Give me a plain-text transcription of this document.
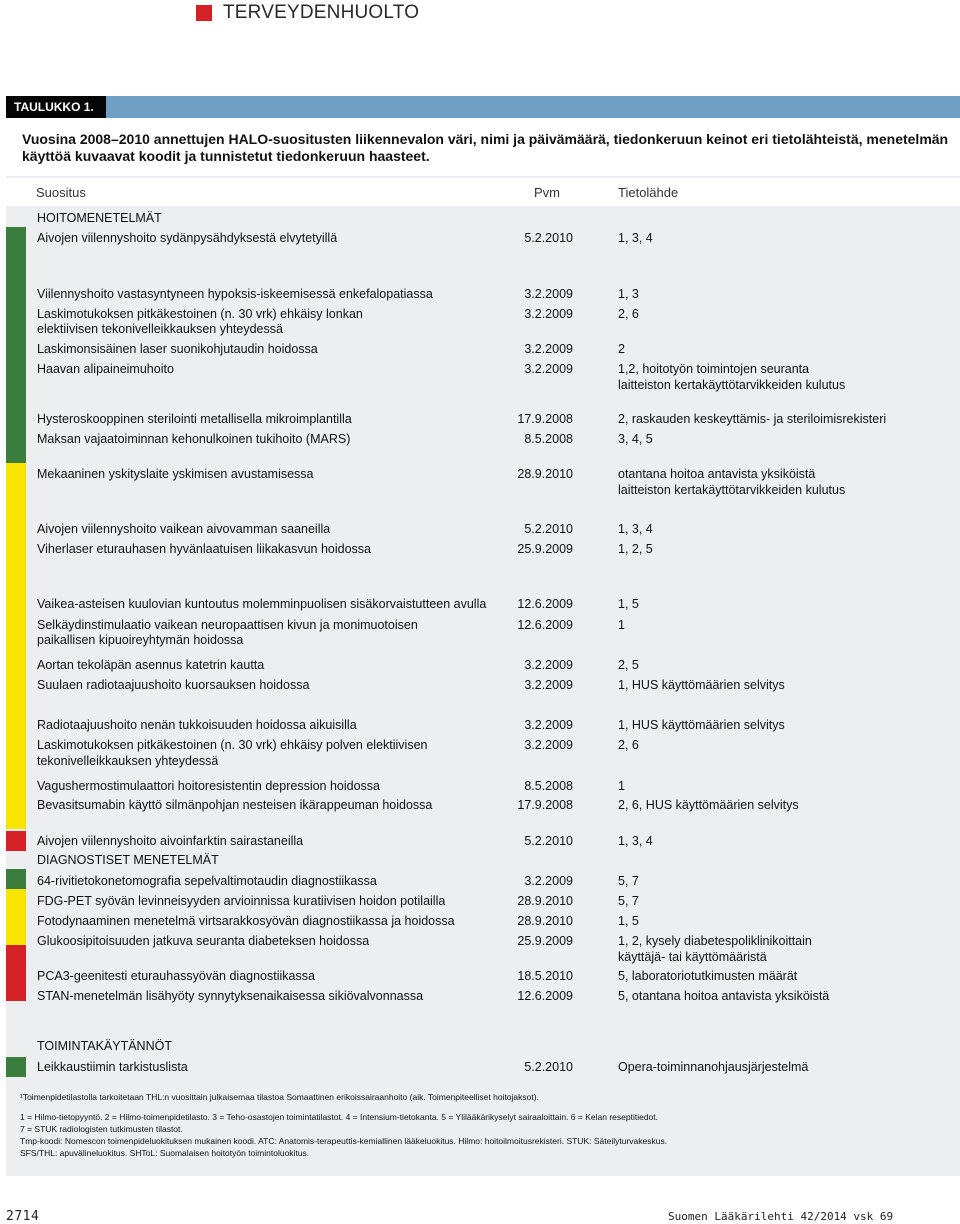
TERVEYDENHUOLTO
TAULUKKO 1.
Vuosina 2008–2010 annettujen HALO-suositusten liikennevalon väri, nimi ja päivämäärä, tiedonkeruun keinot eri tietolähteistä, menetelmän käyttöä kuvaavat koodit ja tunnistetut tiedonkeruun haasteet.
Suositus	Pvm	Tietolähde
HOITOMENETELMÄT
DIAGNOSTISET MENETELMÄT
TOIMINTAKÄYTÄNNÖT
Aivojen viilennyshoito sydänpysähdyksestä elvytetyillä	5.2.2010	1, 3, 4
Viilennyshoito vastasyntyneen hypoksis-iskeemisessä enkefalopatiassa	3.2.2009	1, 3
Laskimotukoksen pitkäkestoinen (n. 30 vrk) ehkäisy lonkan
elektiivisen tekonivelleikkauksen yhteydessä
3.2.2009	2, 6
Laskimonsisäinen laser suonikohjutaudin hoidossa	3.2.2009	2
Haavan alipaineimuhoito	3.2.2009	1,2, hoitotyön toimintojen seuranta
laitteiston kertakäyttötarvikkeiden kulutus
Hysteroskooppinen sterilointi metallisella mikroimplantilla	17.9.2008	2, raskauden keskeyttämis- ja steriloimisrekisteri
Maksan vajaatoiminnan kehonulkoinen tukihoito (MARS)	8.5.2008	3, 4, 5
Mekaaninen yskityslaite yskimisen avustamisessa	28.9.2010	otantana hoitoa antavista yksiköistä
laitteiston kertakäyttötarvikkeiden kulutus
Aivojen viilennyshoito vaikean aivovamman saaneilla	5.2.2010	1, 3, 4
Viherlaser eturauhasen hyvänlaatuisen liikakasvun hoidossa	25.9.2009	1, 2, 5
Vaikea-asteisen kuulovian kuntoutus molemminpuolisen sisäkorvaistutteen avulla	12.6.2009	1, 5
Selkäydinstimulaatio vaikean neuropaattisen kivun ja monimuotoisen
paikallisen kipuoireyhtymän hoidossa
12.6.2009	1
Aortan tekoläpän asennus katetrin kautta	3.2.2009	2, 5
Suulaen radiotaajuushoito kuorsauksen hoidossa	3.2.2009	1, HUS käyttömäärien selvitys
Radiotaajuushoito nenän tukkoisuuden hoidossa aikuisilla	3.2.2009	1, HUS käyttömäärien selvitys
Laskimotukoksen pitkäkestoinen (n. 30 vrk) ehkäisy polven elektiivisen
tekonivelleikkauksen yhteydessä
3.2.2009	2, 6
Vagushermostimulaattori hoitoresistentin depression hoidossa	8.5.2008	1
Bevasitsumabin käyttö silmänpohjan nesteisen ikärappeuman hoidossa	17.9.2008	2, 6, HUS käyttömäärien selvitys
Aivojen viilennyshoito aivoinfarktin sairastaneilla	5.2.2010	1, 3, 4
64-rivitietokonetomografia sepelvaltimotaudin diagnostiikassa	3.2.2009	5, 7
FDG-PET syövän levinneisyyden arvioinnissa kuratiivisen hoidon potilailla	28.9.2010	5, 7
Fotodynaaminen menetelmä virtsarakkosyövän diagnostiikassa ja hoidossa	28.9.2010	1, 5
Glukoosipitoisuuden jatkuva seuranta diabeteksen hoidossa	25.9.2009	1, 2, kysely diabetespoliklinikoittain
käyttäjä- tai käyttömääristä
PCA3-geenitesti eturauhassyövän diagnostiikassa	18.5.2010	5, laboratoriotutkimusten määrät
STAN-menetelmän lisähyöty synnytyksenaikaisessa sikiövalvonnassa	12.6.2009	5, otantana hoitoa antavista yksiköistä
Leikkaustiimin tarkistuslista	5.2.2010	Opera-toiminnanohjausjärjestelmä
¹Toimenpidetilastolla tarkoitetaan THL:n vuosittain julkaisemaa tilastoa Somaattinen erikoissairaanhoito (aik. Toimenpiteelliset hoitojaksot).
1 = Hilmo-tietopyyntö. 2 = Hilmo-toimenpidetilasto. 3 = Teho-osastojen toimintatilastot. 4 = Intensium-tietokanta. 5 = Ylilääkärikyselyt sairaaloittain. 6 = Kelan reseptitiedot.
7 = STUK radiologisten tutkimusten tilastot.
Tmp-koodi: Nomescon toimenpideluokituksen mukainen koodi. ATC: Anatomis-terapeuttis-kemiallinen lääkeluokitus. Hilmo: hoitoilmoitusrekisteri. STUK: Säteilyturvakeskus.
SFS/THL: apuvälineluokitus. SHToL: Suomalaisen hoitotyön toimintoluokitus.
2714	Suomen Lääkärilehti 42/2014 vsk 69
